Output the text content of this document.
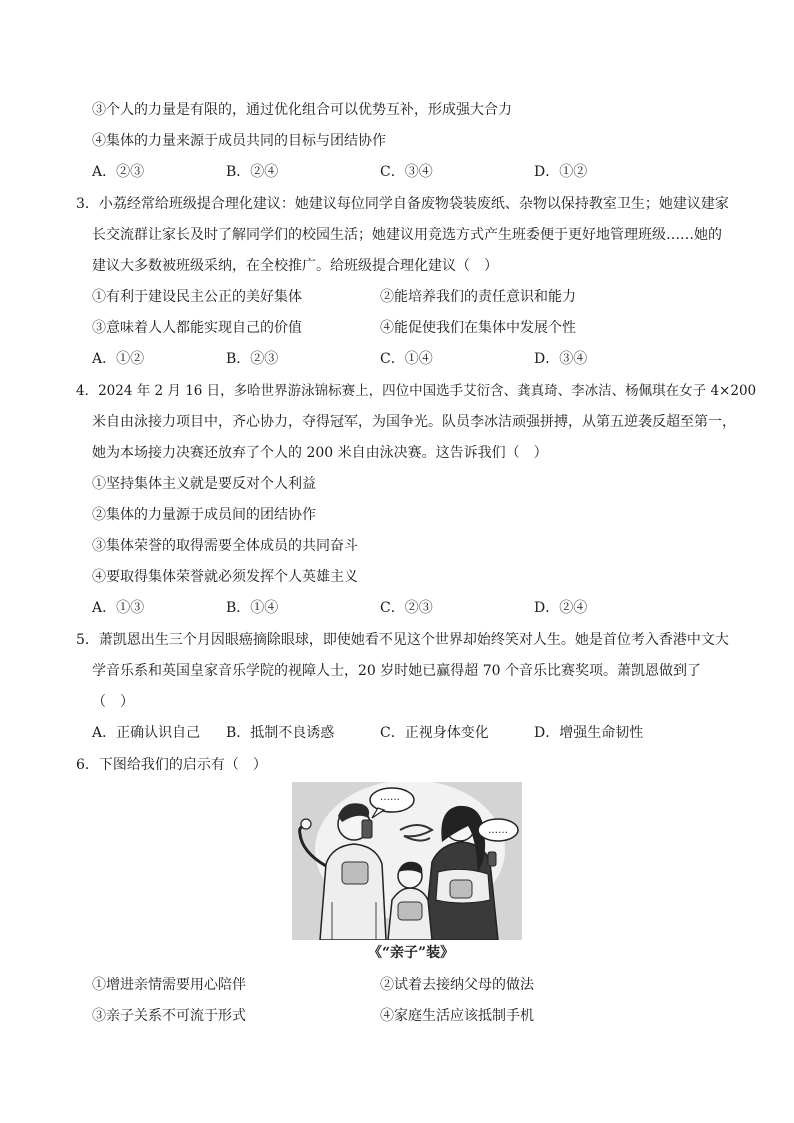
③个人的力量是有限的，通过优化组合可以优势互补，形成强大合力
④集体的力量来源于成员共同的目标与团结协作
A．②③	B．②④	C．③④	D．①②
3．小荔经常给班级提合理化建议：她建议每位同学自备废物袋装废纸、杂物以保持教室卫生；她建议建家
长交流群让家长及时了解同学们的校园生活；她建议用竞选方式产生班委便于更好地管理班级……她的
建议大多数被班级采纳，在全校推广。给班级提合理化建议（　）
①有利于建设民主公正的美好集体	②能培养我们的责任意识和能力
③意味着人人都能实现自己的价值	④能促使我们在集体中发展个性
A．①②	B．②③	C．①④	D．③④
4．2024 年 2 月 16 日，多哈世界游泳锦标赛上，四位中国选手艾衍含、龚真琦、李冰洁、杨佩琪在女子 4×200
米自由泳接力项目中，齐心协力，夺得冠军，为国争光。队员李冰洁顽强拼搏，从第五逆袭反超至第一，
她为本场接力决赛还放弃了个人的 200 米自由泳决赛。这告诉我们（　）
①坚持集体主义就是要反对个人利益
②集体的力量源于成员间的团结协作
③集体荣誉的取得需要全体成员的共同奋斗
④要取得集体荣誉就必须发挥个人英雄主义
A．①③	B．①④	C．②③	D．②④
5．萧凯恩出生三个月因眼癌摘除眼球，即使她看不见这个世界却始终笑对人生。她是首位考入香港中文大
学音乐系和英国皇家音乐学院的视障人士，20 岁时她已赢得超 70 个音乐比赛奖项。萧凯恩做到了
（　）
A．正确认识自己 B．抵制不良诱惑	C．正视身体变化	D．增强生命韧性
6．下图给我们的启示有（　）
……
……
《“亲子”装》
①增进亲情需要用心陪伴	②试着去接纳父母的做法
③亲子关系不可流于形式	④家庭生活应该抵制手机
